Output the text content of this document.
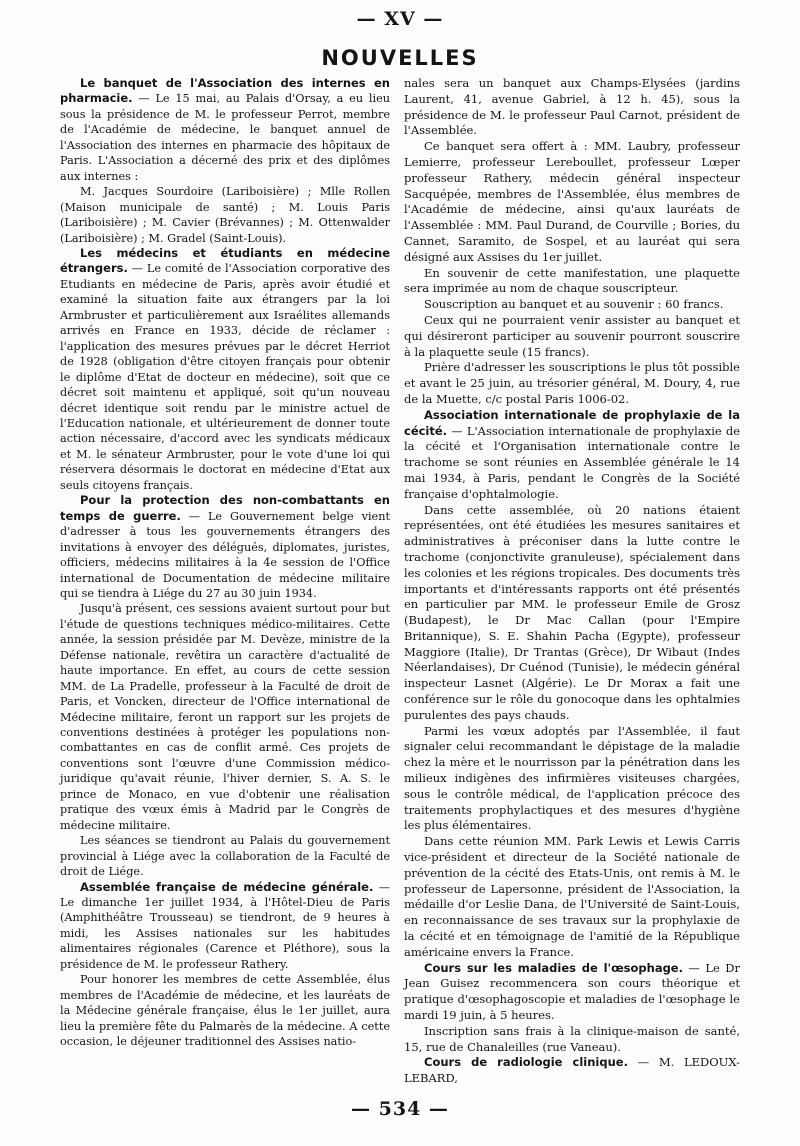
— XV —
NOUVELLES

Le banquet de l'Association des internes en pharmacie. — Le 15 mai, au Palais d'Orsay, a eu lieu sous la présidence de M. le professeur Perrot, membre de l'Académie de médecine, le banquet annuel de l'Association des internes en pharmacie des hôpitaux de Paris. L'Association a décerné des prix et des diplômes aux internes :

M. Jacques Sourdoire (Lariboisière) ; Mlle Rollen (Maison municipale de santé) ; M. Louis Paris (Lariboisière) ; M. Cavier (Brévannes) ; M. Ottenwalder (Lariboisière) ; M. Gradel (Saint-Louis).

Les médecins et étudiants en médecine étrangers. — Le comité de l'Association corporative des Etudiants en médecine de Paris, après avoir étudié et examiné la situation faite aux étrangers par la loi Armbruster et particulièrement aux Israélites allemands arrivés en France en 1933, décide de réclamer : l'application des mesures prévues par le décret Herriot de 1928 (obligation d'être citoyen français pour obtenir le diplôme d'Etat de docteur en médecine), soit que ce décret soit maintenu et appliqué, soit qu'un nouveau décret identique soit rendu par le ministre actuel de l'Education nationale, et ultérieurement de donner toute action nécessaire, d'accord avec les syndicats médicaux et M. le sénateur Armbruster, pour le vote d'une loi qui réservera désormais le doctorat en médecine d'Etat aux seuls citoyens français.

Pour la protection des non-combattants en temps de guerre. — Le Gouvernement belge vient d'adresser à tous les gouvernements étrangers des invitations à envoyer des délégués, diplomates, juristes, officiers, médecins militaires à la 4e session de l'Office international de Documentation de médecine militaire qui se tiendra à Liége du 27 au 30 juin 1934.

Jusqu'à présent, ces sessions avaient surtout pour but l'étude de questions techniques médico-militaires. Cette année, la session présidée par M. Devèze, ministre de la Défense nationale, revêtira un caractère d'actualité de haute importance. En effet, au cours de cette session MM. de La Pradelle, professeur à la Faculté de droit de Paris, et Voncken, directeur de l'Office international de Médecine militaire, feront un rapport sur les projets de conventions destinées à protéger les populations non-combattantes en cas de conflit armé. Ces projets de conventions sont l'œuvre d'une Commission médico-juridique qu'avait réunie, l'hiver dernier, S. A. S. le prince de Monaco, en vue d'obtenir une réalisation pratique des vœux émis à Madrid par le Congrès de médecine militaire.

Les séances se tiendront au Palais du gouvernement provincial à Liége avec la collaboration de la Faculté de droit de Liége.

Assemblée française de médecine générale. — Le dimanche 1er juillet 1934, à l'Hôtel-Dieu de Paris (Amphithéâtre Trousseau) se tiendront, de 9 heures à midi, les Assises nationales sur les habitudes alimentaires régionales (Carence et Pléthore), sous la présidence de M. le professeur Rathery.

Pour honorer les membres de cette Assemblée, élus membres de l'Académie de médecine, et les lauréats de la Médecine générale française, élus le 1er juillet, aura lieu la première fête du Palmarès de la médecine. A cette occasion, le déjeuner traditionnel des Assises natio-

nales sera un banquet aux Champs-Elysées (jardins Laurent, 41, avenue Gabriel, à 12 h. 45), sous la présidence de M. le professeur Paul Carnot, président de l'Assemblée.

Ce banquet sera offert à : MM. Laubry, professeur Lemierre, professeur Lereboullet, professeur Lœper professeur Rathery, médecin général inspecteur Sacquépée, membres de l'Assemblée, élus membres de l'Académie de médecine, ainsi qu'aux lauréats de l'Assemblée : MM. Paul Durand, de Courville ; Bories, du Cannet, Saramito, de Sospel, et au lauréat qui sera désigné aux Assises du 1er juillet.

En souvenir de cette manifestation, une plaquette sera imprimée au nom de chaque souscripteur.

Souscription au banquet et au souvenir : 60 francs.

Ceux qui ne pourraient venir assister au banquet et qui désireront participer au souvenir pourront souscrire à la plaquette seule (15 francs).

Prière d'adresser les souscriptions le plus tôt possible et avant le 25 juin, au trésorier général, M. Doury, 4, rue de la Muette, c/c postal Paris 1006-02.

Association internationale de prophylaxie de la cécité. — L'Association internationale de prophylaxie de la cécité et l'Organisation internationale contre le trachome se sont réunies en Assemblée générale le 14 mai 1934, à Paris, pendant le Congrès de la Société française d'ophtalmologie.

Dans cette assemblée, où 20 nations étaient représentées, ont été étudiées les mesures sanitaires et administratives à préconiser dans la lutte contre le trachome (conjonctivite granuleuse), spécialement dans les colonies et les régions tropicales. Des documents très importants et d'intéressants rapports ont été présentés en particulier par MM. le professeur Emile de Grosz (Budapest), le Dr Mac Callan (pour l'Empire Britannique), S. E. Shahin Pacha (Egypte), professeur Maggiore (Italie), Dr Trantas (Grèce), Dr Wibaut (Indes Néerlandaises), Dr Cuénod (Tunisie), le médecin général inspecteur Lasnet (Algérie). Le Dr Morax a fait une conférence sur le rôle du gonocoque dans les ophtalmies purulentes des pays chauds.

Parmi les vœux adoptés par l'Assemblée, il faut signaler celui recommandant le dépistage de la maladie chez la mère et le nourrisson par la pénétration dans les milieux indigènes des infirmières visiteuses chargées, sous le contrôle médical, de l'application précoce des traitements prophylactiques et des mesures d'hygiène les plus élémentaires.

Dans cette réunion MM. Park Lewis et Lewis Carris vice-président et directeur de la Société nationale de prévention de la cécité des Etats-Unis, ont remis à M. le professeur de Lapersonne, président de l'Association, la médaille d'or Leslie Dana, de l'Université de Saint-Louis, en reconnaissance de ses travaux sur la prophylaxie de la cécité et en témoignage de l'amitié de la République américaine envers la France.

Cours sur les maladies de l'œsophage. — Le Dr Jean Guisez recommencera son cours théorique et pratique d'œsophagoscopie et maladies de l'œsophage le mardi 19 juin, à 5 heures.

Inscription sans frais à la clinique-maison de santé, 15, rue de Chanaleilles (rue Vaneau).

Cours de radiologie clinique. — M. LEDOUX-LEBARD,

— 534 —
